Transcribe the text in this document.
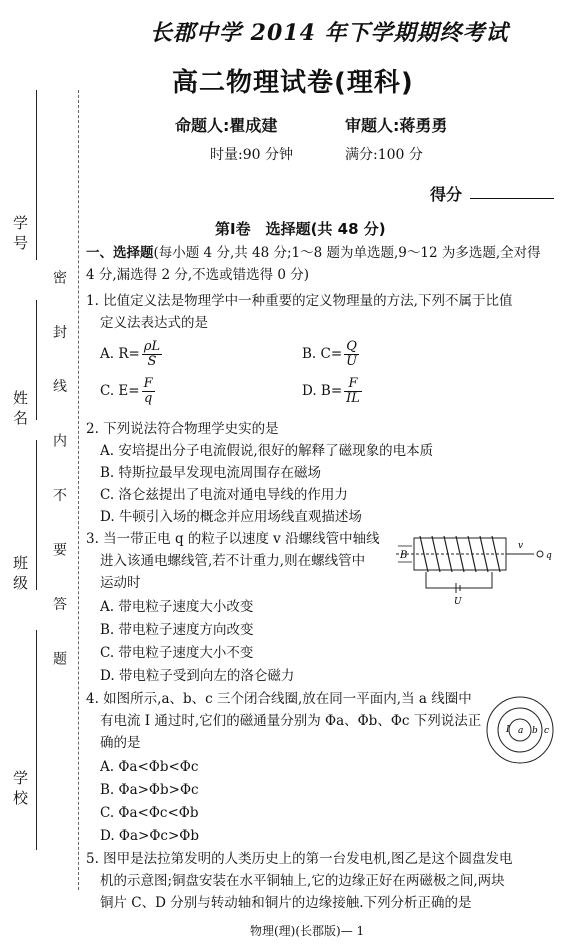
学 号
姓 名
班 级
学 校
密 封 线 内 不 要 答 题
长郡中学 2014 年下学期期终考试
高二物理试卷(理科)
命题人:瞿成建	审题人:蒋勇勇
时量:90 分钟	满分:100 分
得分
第Ⅰ卷　选择题(共 48 分)
一、选择题(每小题 4 分,共 48 分;1～8 题为单选题,9～12 为多选题,全对得
4 分,漏选得 2 分,不选或错选得 0 分)
1. 比值定义法是物理学中一种重要的定义物理量的方法,下列不属于比值
定义法表达式的是
A. $R= \frac{\rho L}{S}$	B. $C= \frac{Q}{U}$
C. $E= \frac{F}{q}$	D. $B= \frac{F}{IL}$
2. 下列说法符合物理学史实的是
A. 安培提出分子电流假说,很好的解释了磁现象的电本质
B. 特斯拉最早发现电流周围存在磁场
C. 洛仑兹提出了电流对通电导线的作用力
D. 牛顿引入场的概念并应用场线直观描述场
3. 当一带正电 q 的粒子以速度 v 沿螺线管中轴线
进入该通电螺线管,若不计重力,则在螺线管中
运动时
A. 带电粒子速度大小改变
B. 带电粒子速度方向改变
C. 带电粒子速度大小不变
D. 带电粒子受到向左的洛仑磁力
v
q
B
U
4. 如图所示,a、b、c 三个闭合线圈,放在同一平面内,当 a 线圈中
有电流 I 通过时,它们的磁通量分别为 Φa、Φb、Φc 下列说法正
确的是
A. Φa<Φb<Φc
B. Φa>Φb>Φc
C. Φa<Φc<Φb
D. Φa>Φc>Φb
I a b c
5. 图甲是法拉第发明的人类历史上的第一台发电机,图乙是这个圆盘发电
机的示意图;铜盘安装在水平铜轴上,它的边缘正好在两磁极之间,两块
铜片 C、D 分别与转动轴和铜片的边缘接触.下列分析正确的是
物理(理)(长郡版)— 1
